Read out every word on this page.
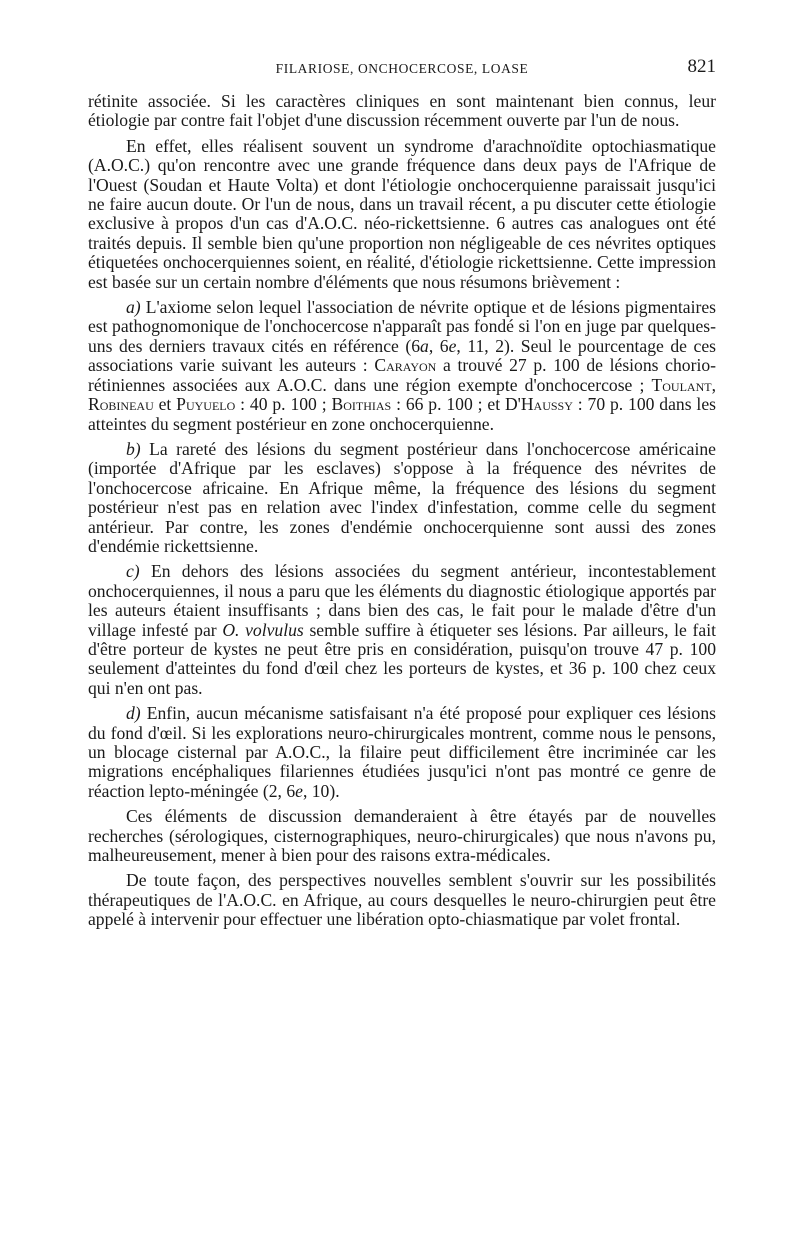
FILARIOSE, ONCHOCERCOSE, LOASE	821

rétinite associée. Si les caractères cliniques en sont maintenant bien connus, leur étiologie par contre fait l'objet d'une discussion récemment ouverte par l'un de nous.

En effet, elles réalisent souvent un syndrome d'arachnoïdite optochiasmatique (A.O.C.) qu'on rencontre avec une grande fréquence dans deux pays de l'Afrique de l'Ouest (Soudan et Haute Volta) et dont l'étiologie onchocerquienne paraissait jusqu'ici ne faire aucun doute. Or l'un de nous, dans un travail récent, a pu discuter cette étiologie exclusive à propos d'un cas d'A.O.C. néo-rickettsienne. 6 autres cas analogues ont été traités depuis. Il semble bien qu'une proportion non négligeable de ces névrites optiques étiquetées onchocerquiennes soient, en réalité, d'étiologie rickettsienne. Cette impression est basée sur un certain nombre d'éléments que nous résumons brièvement :

a) L'axiome selon lequel l'association de névrite optique et de lésions pigmentaires est pathognomonique de l'onchocercose n'apparaît pas fondé si l'on en juge par quelques-uns des derniers travaux cités en référence (6a, 6e, 11, 2). Seul le pourcentage de ces associations varie suivant les auteurs : Carayon a trouvé 27 p. 100 de lésions chorio-rétiniennes associées aux A.O.C. dans une région exempte d'onchocercose ; Toulant, Robineau et Puyuelo : 40 p. 100 ; Boithias : 66 p. 100 ; et D'Haussy : 70 p. 100 dans les atteintes du segment postérieur en zone onchocerquienne.

b) La rareté des lésions du segment postérieur dans l'onchocercose américaine (importée d'Afrique par les esclaves) s'oppose à la fréquence des névrites de l'onchocercose africaine. En Afrique même, la fréquence des lésions du segment postérieur n'est pas en relation avec l'index d'infestation, comme celle du segment antérieur. Par contre, les zones d'endémie onchocerquienne sont aussi des zones d'endémie rickettsienne.

c) En dehors des lésions associées du segment antérieur, incontestablement onchocerquiennes, il nous a paru que les éléments du diagnostic étiologique apportés par les auteurs étaient insuffisants ; dans bien des cas, le fait pour le malade d'être d'un village infesté par O. volvulus semble suffire à étiqueter ses lésions. Par ailleurs, le fait d'être porteur de kystes ne peut être pris en considération, puisqu'on trouve 47 p. 100 seulement d'atteintes du fond d'œil chez les porteurs de kystes, et 36 p. 100 chez ceux qui n'en ont pas.

d) Enfin, aucun mécanisme satisfaisant n'a été proposé pour expliquer ces lésions du fond d'œil. Si les explorations neuro-chirurgicales montrent, comme nous le pensons, un blocage cisternal par A.O.C., la filaire peut difficilement être incriminée car les migrations encéphaliques filariennes étudiées jusqu'ici n'ont pas montré ce genre de réaction lepto-méningée (2, 6e, 10).

Ces éléments de discussion demanderaient à être étayés par de nouvelles recherches (sérologiques, cisternographiques, neuro-chirurgicales) que nous n'avons pu, malheureusement, mener à bien pour des raisons extra-médicales.

De toute façon, des perspectives nouvelles semblent s'ouvrir sur les possibilités thérapeutiques de l'A.O.C. en Afrique, au cours desquelles le neuro-chirurgien peut être appelé à intervenir pour effectuer une libération opto-chiasmatique par volet frontal.
